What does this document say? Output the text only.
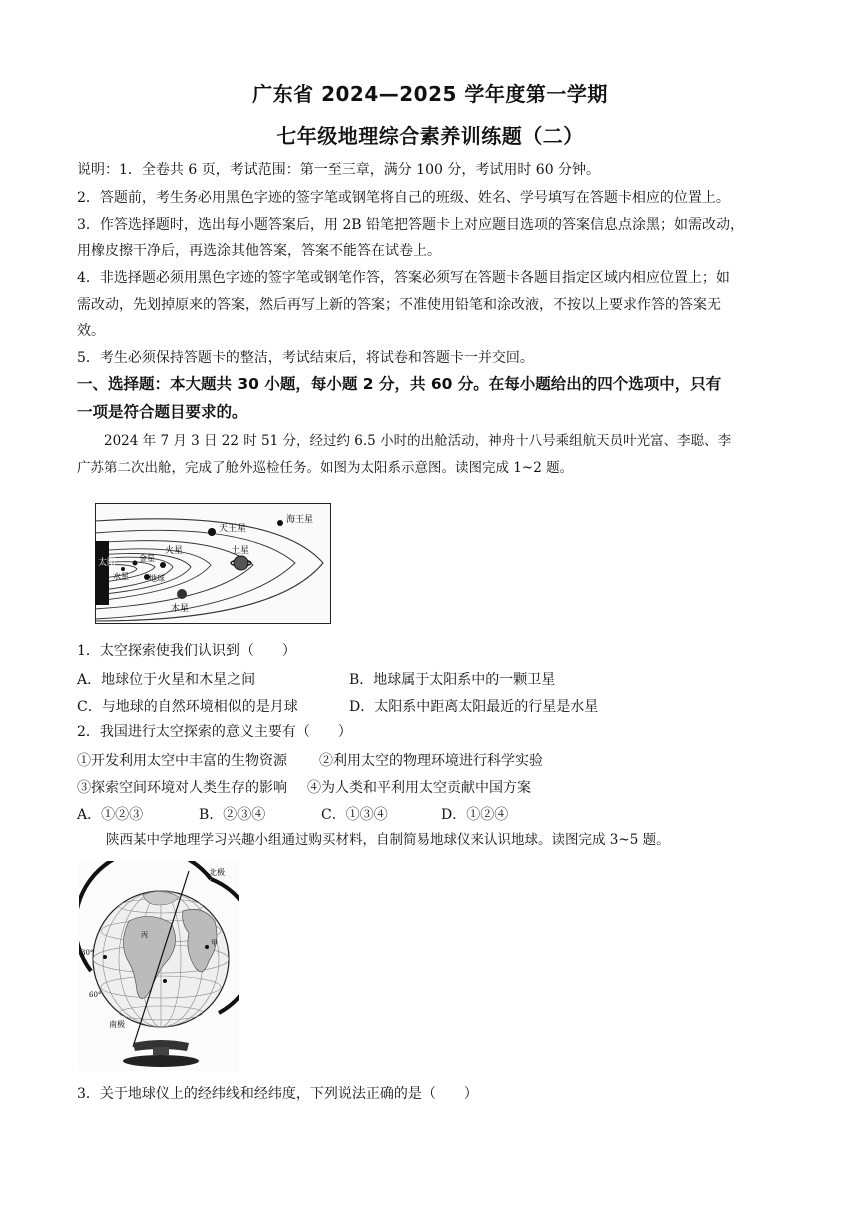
广东省 2024—2025 学年度第一学期
七年级地理综合素养训练题（二）
说明：1．全卷共 6 页，考试范围：第一至三章，满分 100 分，考试用时 60 分钟。
2．答题前，考生务必用黑色字迹的签字笔或钢笔将自己的班级、姓名、学号填写在答题卡相应的位置上。
3．作答选择题时，选出每小题答案后，用 2B 铅笔把答题卡上对应题目选项的答案信息点涂黑；如需改动，
用橡皮擦干净后，再选涂其他答案，答案不能答在试卷上。
4．非选择题必须用黑色字迹的签字笔或钢笔作答，答案必须写在答题卡各题目指定区域内相应位置上；如
需改动，先划掉原来的答案，然后再写上新的答案；不准使用铅笔和涂改液，不按以上要求作答的答案无
效。
5．考生必须保持答题卡的整洁，考试结束后，将试卷和答题卡一并交回。
一、选择题：本大题共 30 小题，每小题 2 分，共 60 分。在每小题给出的四个选项中，只有
一项是符合题目要求的。
2024 年 7 月 3 日 22 时 51 分，经过约 6.5 小时的出舱活动，神舟十八号乘组航天员叶光富、李聪、李
广苏第二次出舱，完成了舱外巡检任务。如图为太阳系示意图。读图完成 1~2 题。
太阳
天王星
海王星
土星
木星
火星
地球
金星
水星
1．太空探索使我们认识到（　　）
A．地球位于火星和木星之间	B．地球属于太阳系中的一颗卫星
C．与地球的自然环境相似的是月球	D．太阳系中距离太阳最近的行星是水星
2．我国进行太空探索的意义主要有（　　）
①开发利用太空中丰富的生物资源 ②利用太空的物理环境进行科学实验
③探索空间环境对人类生存的影响 ④为人类和平利用太空贡献中国方案
A．①②③	B．②③④	C．①③④	D．①②④
陕西某中学地理学习兴趣小组通过购买材料，自制简易地球仪来认识地球。读图完成 3~5 题。
北极
南极
30°
60°
甲
丙
3．关于地球仪上的经纬线和经纬度，下列说法正确的是（　　）
